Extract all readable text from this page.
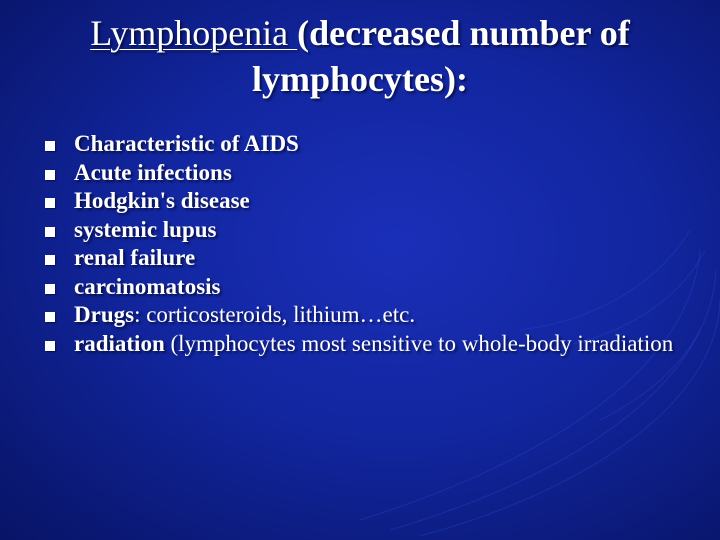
Lymphopenia (decreased number of lymphocytes):
Characteristic of AIDS
Acute infections
Hodgkin's disease
systemic lupus
renal failure
carcinomatosis
Drugs: corticosteroids, lithium…etc.
radiation (lymphocytes most sensitive to whole-body irradiation
